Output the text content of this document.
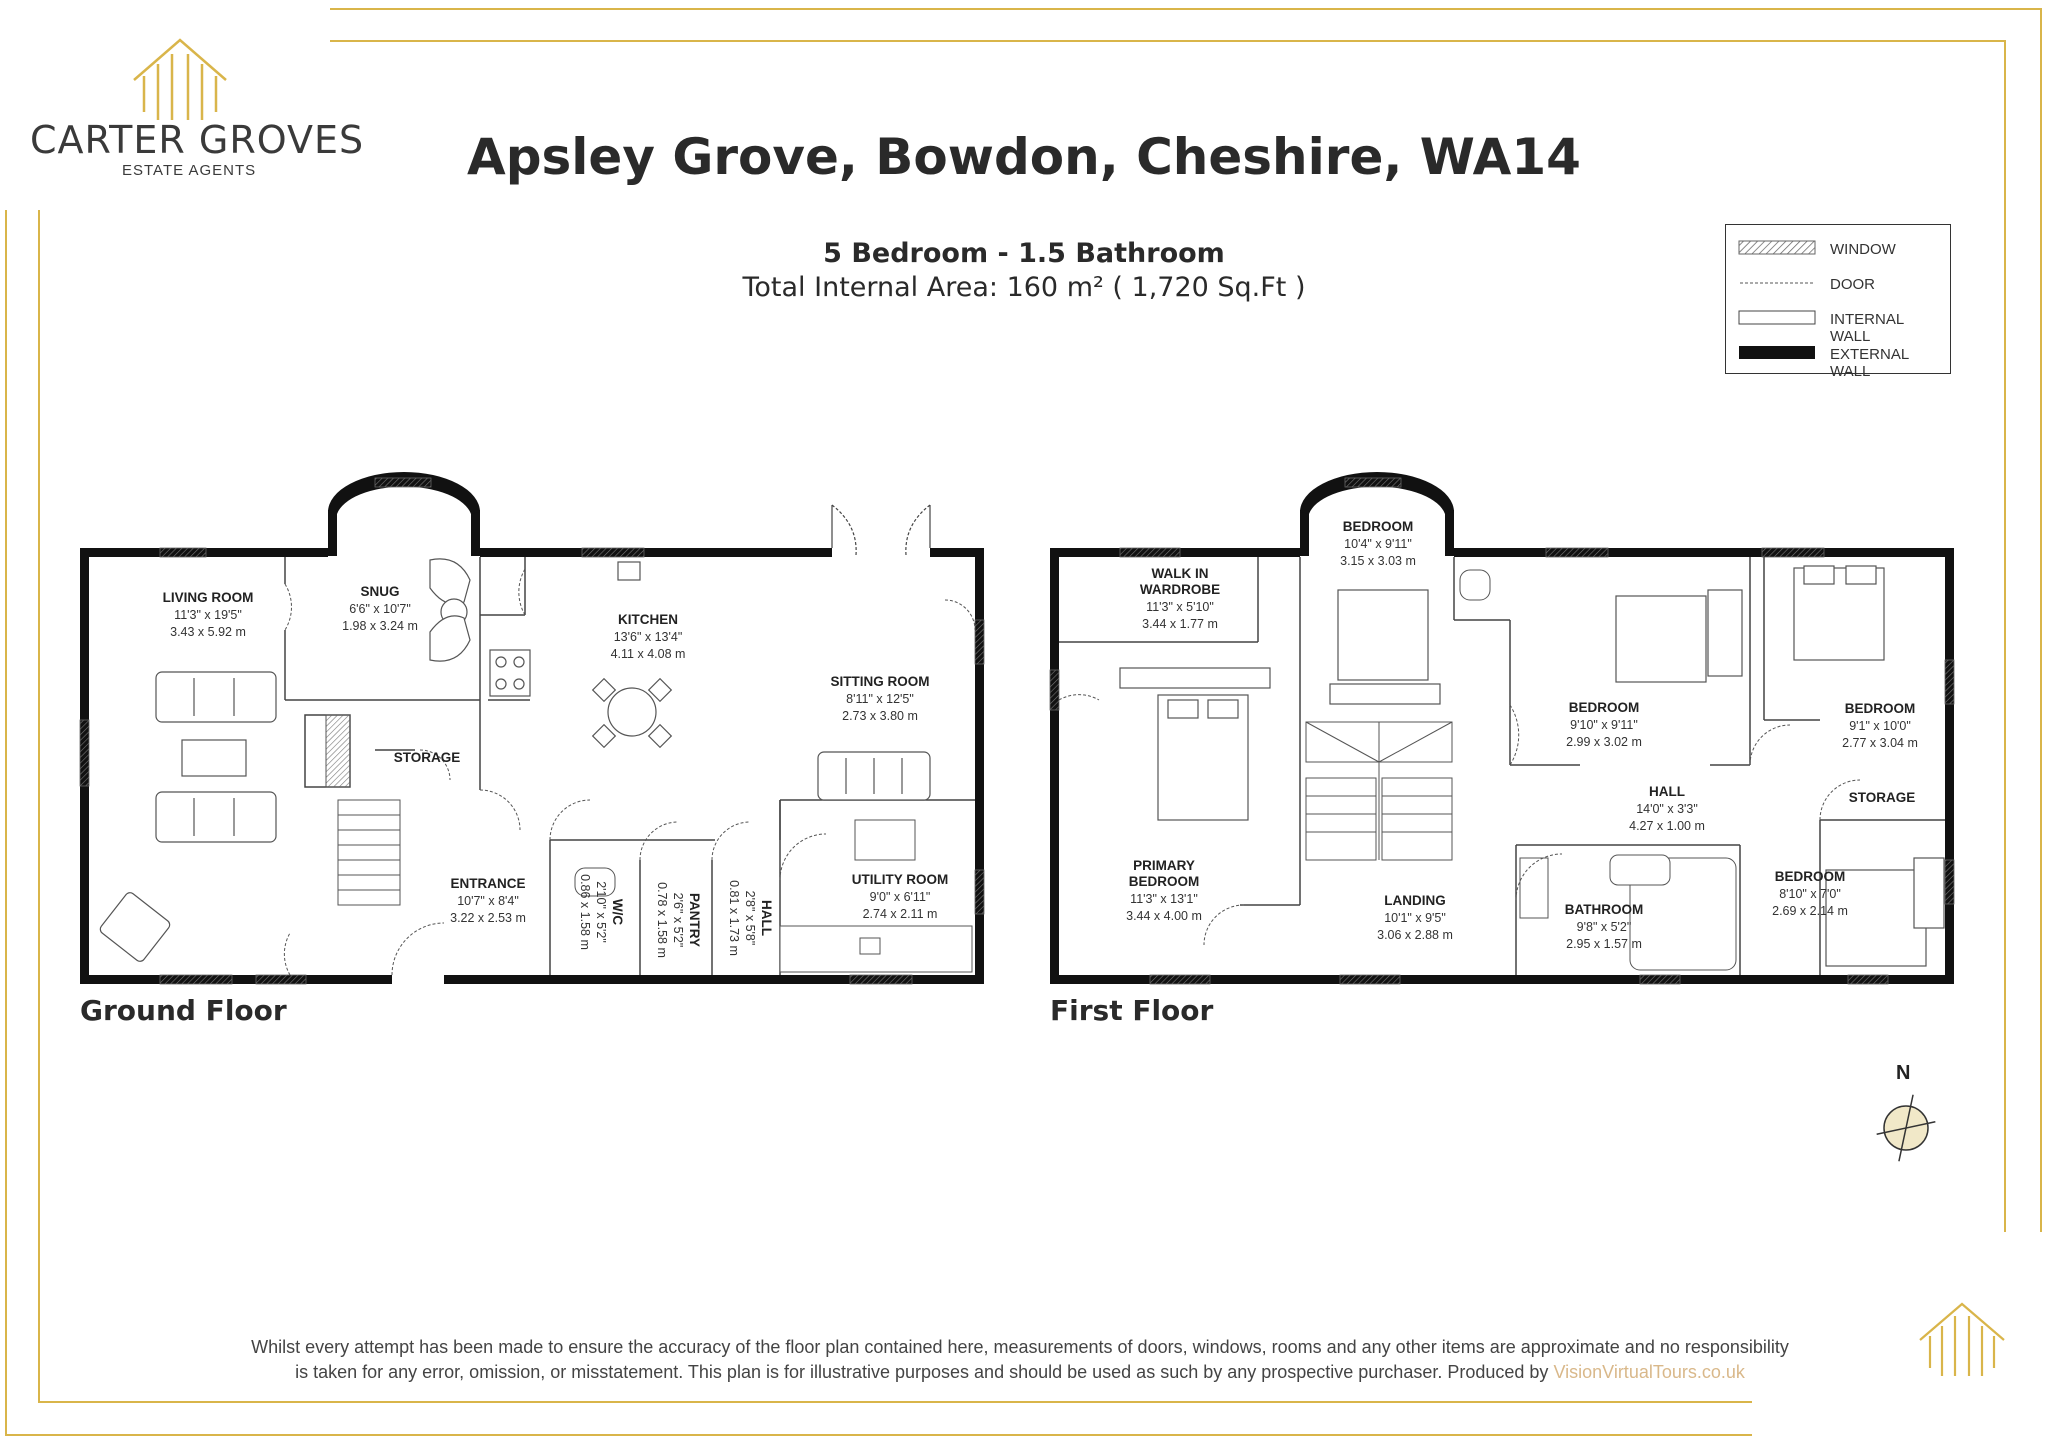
CARTER GROVES
ESTATE AGENTS	Apsley Grove, Bowdon, Cheshire, WA14
5 Bedroom - 1.5 Bathroom
Total Internal Area: 160 m² ( 1,720 Sq.Ft )
WINDOW
DOOR
INTERNAL WALL
EXTERNAL WALL
LIVING ROOM
11'3" x 19'5"
3.43 x 5.92 m
SNUG
6'6" x 10'7"
1.98 x 3.24 m	KITCHEN
13'6" x 13'4"
4.11 x 4.08 m
SITTING ROOM
8'11" x 12'5"
2.73 x 3.80 m
STORAGE
ENTRANCE
10'7" x 8'4"
3.22 x 2.53 m
UTILITY ROOM
9'0" x 6'11"
2.74 x 2.11 m
W/C
2'10" x 5'2"
0.86 x 1.58 m	PANTRY
2'6" x 5'2"
0.78 x 1.58 m	HALL
2'8" x 5'8"
0.81 x 1.73 m
WALK IN
WARDROBE
11'3" x 5'10"
3.44 x 1.77 m
BEDROOM
10'4" x 9'11"
3.15 x 3.03 m
BEDROOM
9'10" x 9'11"
2.99 x 3.02 m
BEDROOM
9'1" x 10'0"
2.77 x 3.04 m
STORAGE
HALL
14'0" x 3'3"
4.27 x 1.00 m
PRIMARY
BEDROOM
11'3" x 13'1"
3.44 x 4.00 m
LANDING
10'1" x 9'5"
3.06 x 2.88 m
BATHROOM
9'8" x 5'2"
2.95 x 1.57 m
BEDROOM
8'10" x 7'0"
2.69 x 2.14 m
Ground Floor	First Floor
N
Whilst every attempt has been made to ensure the accuracy of the floor plan contained here, measurements of doors, windows, rooms and any other items are approximate and no responsibility
is taken for any error, omission, or misstatement. This plan is for illustrative purposes and should be used as such by any prospective purchaser. Produced by VisionVirtualTours.co.uk
